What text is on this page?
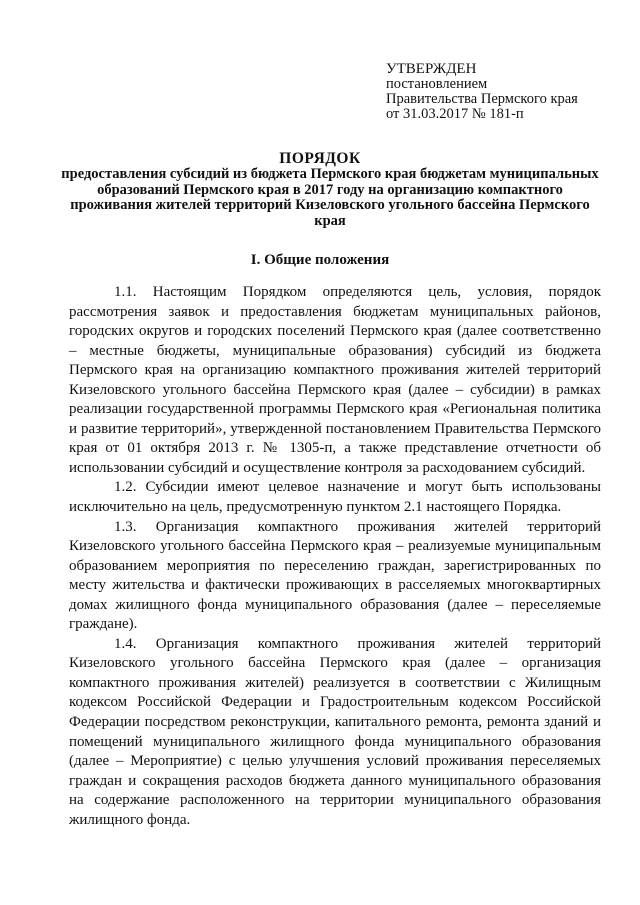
УТВЕРЖДЕН
постановлением
Правительства Пермского края
от 31.03.2017 № 181-п
ПОРЯДОК
предоставления субсидий из бюджета Пермского края бюджетам муниципальных образований Пермского края в 2017 году на организацию компактного проживания жителей территорий Кизеловского угольного бассейна Пермского края
I. Общие положения

1.1. Настоящим Порядком определяются цель, условия, порядок рассмотрения заявок и предоставления бюджетам муниципальных районов, городских округов и городских поселений Пермского края (далее соответственно – местные бюджеты, муниципальные образования) субсидий из бюджета Пермского края на организацию компактного проживания жителей территорий Кизеловского угольного бассейна Пермского края (далее – субсидии) в рамках реализации государственной программы Пермского края «Региональная политика и развитие территорий», утвержденной постановлением Правительства Пермского края от 01 октября 2013 г. № 1305-п, а также представление отчетности об использовании субсидий и осуществление контроля за расходованием субсидий.

1.2. Субсидии имеют целевое назначение и могут быть использованы исключительно на цель, предусмотренную пунктом 2.1 настоящего Порядка.

1.3. Организация компактного проживания жителей территорий Кизеловского угольного бассейна Пермского края – реализуемые муниципальным образованием мероприятия по переселению граждан, зарегистрированных по месту жительства и фактически проживающих в расселяемых многоквартирных домах жилищного фонда муниципального образования (далее – переселяемые граждане).

1.4. Организация компактного проживания жителей территорий Кизеловского угольного бассейна Пермского края (далее – организация компактного проживания жителей) реализуется в соответствии с Жилищным кодексом Российской Федерации и Градостроительным кодексом Российской Федерации посредством реконструкции, капитального ремонта, ремонта зданий и помещений муниципального жилищного фонда муниципального образования (далее – Мероприятие) с целью улучшения условий проживания переселяемых граждан и сокращения расходов бюджета данного муниципального образования на содержание расположенного на территории муниципального образования жилищного фонда.
